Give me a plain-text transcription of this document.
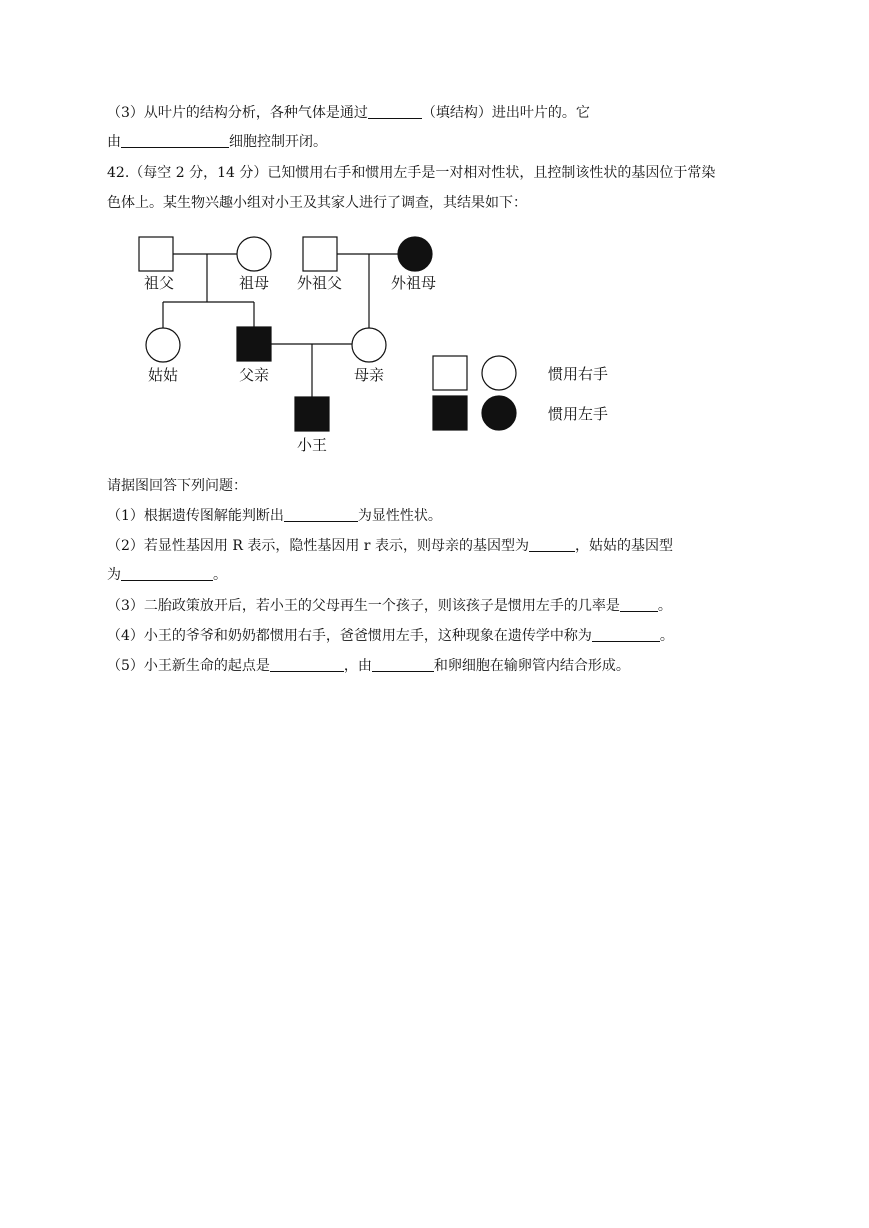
（3）从叶片的结构分析，各种气体是通过	（填结构）进出叶片的。它
由	细胞控制开闭。
42.（每空 2 分，14 分）已知惯用右手和惯用左手是一对相对性状，且控制该性状的基因位于常染
色体上。某生物兴趣小组对小王及其家人进行了调查，其结果如下：
祖父	祖母 外祖父	外祖母
姑姑	父亲	母亲
小王
惯用右手
惯用左手
请据图回答下列问题：
（1）根据遗传图解能判断出	为显性性状。
（2）若显性基因用 R 表示，隐性基因用 r 表示，则母亲的基因型为	，姑姑的基因型
为	。
（3）二胎政策放开后，若小王的父母再生一个孩子，则该孩子是惯用左手的几率是	。
（4）小王的爷爷和奶奶都惯用右手，爸爸惯用左手，这种现象在遗传学中称为	。
（5）小王新生命的起点是	，由	和卵细胞在输卵管内结合形成。
